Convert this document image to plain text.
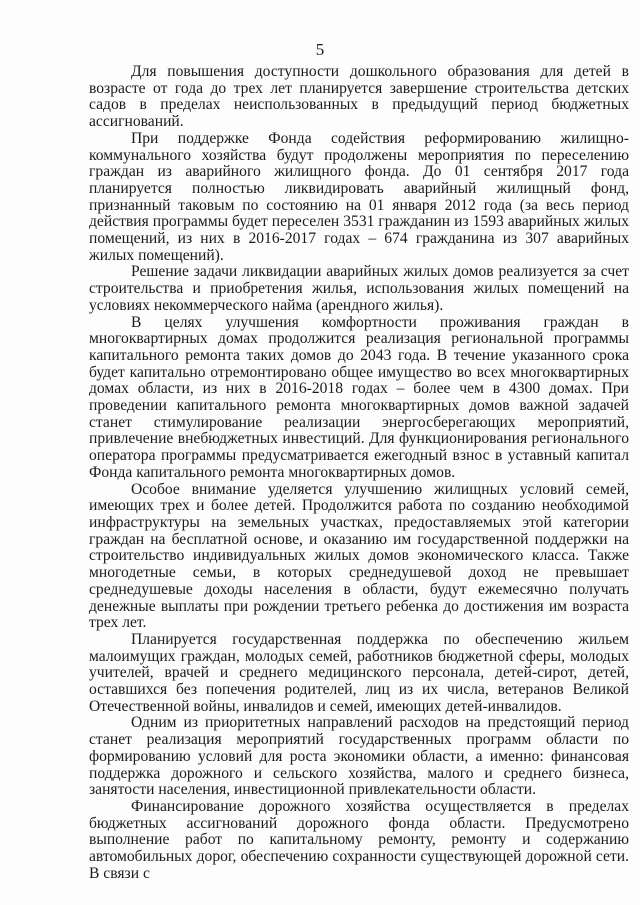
5

Для повышения доступности дошкольного образования для детей в возрасте от года до трех лет планируется завершение строительства детских садов в пределах неиспользованных в предыдущий период бюджетных ассигнований.

При поддержке Фонда содействия реформированию жилищно-коммунального хозяйства будут продолжены мероприятия по переселению граждан из аварийного жилищного фонда. До 01 сентября 2017 года планируется полностью ликвидировать аварийный жилищный фонд, признанный таковым по состоянию на 01 января 2012 года (за весь период действия программы будет переселен 3531 гражданин из 1593 аварийных жилых помещений, из них в 2016-2017 годах – 674 гражданина из 307 аварийных жилых помещений).

Решение задачи ликвидации аварийных жилых домов реализуется за счет строительства и приобретения жилья, использования жилых помещений на условиях некоммерческого найма (арендного жилья).

В целях улучшения комфортности проживания граждан в многоквартирных домах продолжится реализация региональной программы капитального ремонта таких домов до 2043 года. В течение указанного срока будет капитально отремонтировано общее имущество во всех многоквартирных домах области, из них в 2016-2018 годах – более чем в 4300 домах. При проведении капитального ремонта многоквартирных домов важной задачей станет стимулирование реализации энергосберегающих мероприятий, привлечение внебюджетных инвестиций. Для функционирования регионального оператора программы предусматривается ежегодный взнос в уставный капитал Фонда капитального ремонта многоквартирных домов.

Особое внимание уделяется улучшению жилищных условий семей, имеющих трех и более детей. Продолжится работа по созданию необходимой инфраструктуры на земельных участках, предоставляемых этой категории граждан на бесплатной основе, и оказанию им государственной поддержки на строительство индивидуальных жилых домов экономического класса. Также многодетные семьи, в которых среднедушевой доход не превышает среднедушевые доходы населения в области, будут ежемесячно получать денежные выплаты при рождении третьего ребенка до достижения им возраста трех лет.

Планируется государственная поддержка по обеспечению жильем малоимущих граждан, молодых семей, работников бюджетной сферы, молодых учителей, врачей и среднего медицинского персонала, детей-сирот, детей, оставшихся без попечения родителей, лиц из их числа, ветеранов Великой Отечественной войны, инвалидов и семей, имеющих детей-инвалидов.

Одним из приоритетных направлений расходов на предстоящий период станет реализация мероприятий государственных программ области по формированию условий для роста экономики области, а именно: финансовая поддержка дорожного и сельского хозяйства, малого и среднего бизнеса, занятости населения, инвестиционной привлекательности области.

Финансирование дорожного хозяйства осуществляется в пределах бюджетных ассигнований дорожного фонда области. Предусмотрено выполнение работ по капитальному ремонту, ремонту и содержанию автомобильных дорог, обеспечению сохранности существующей дорожной сети. В связи с
